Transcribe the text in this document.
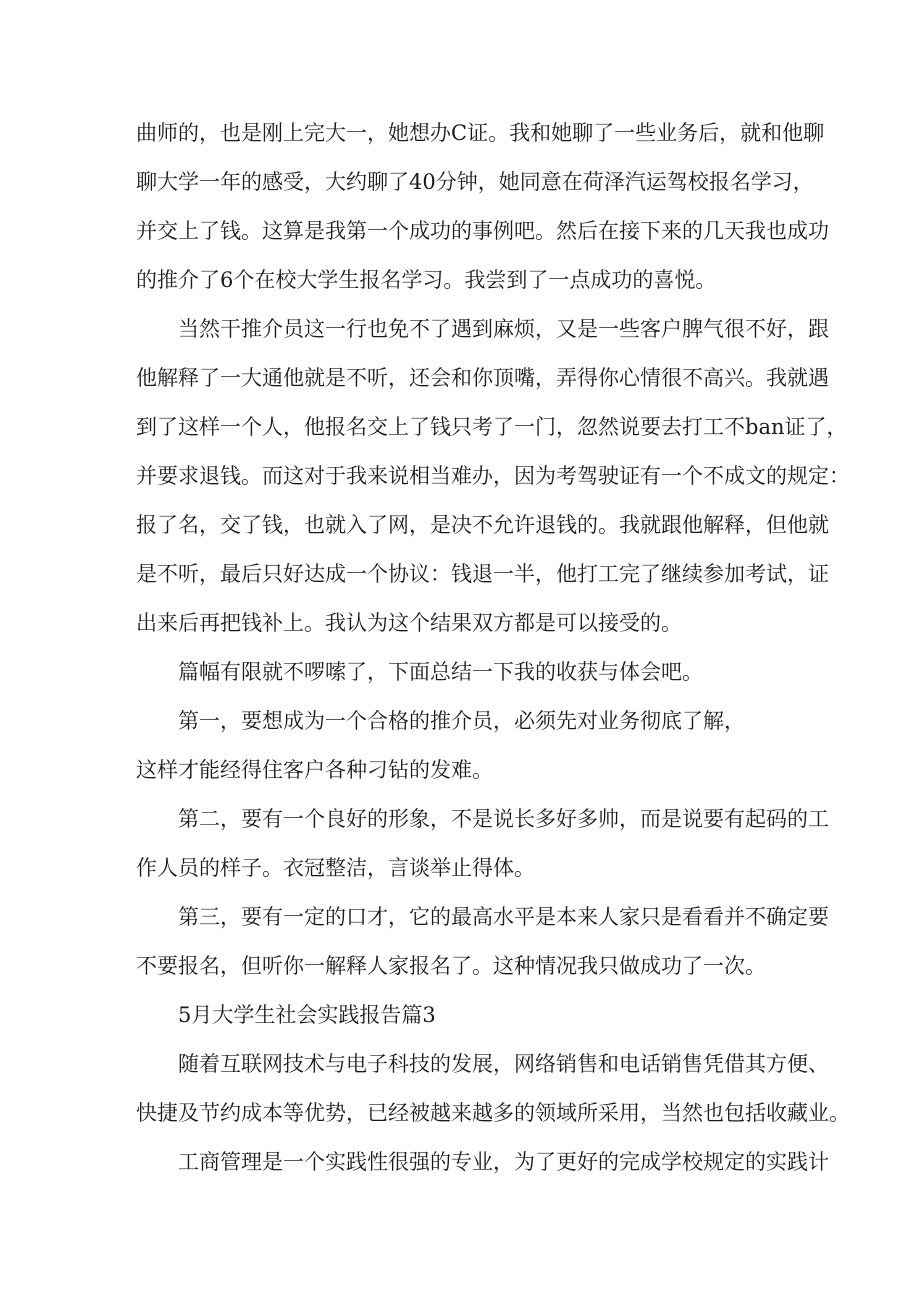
曲师的，也是刚上完大一，她想办C证。我和她聊了一些业务后，就和他聊
聊大学一年的感受，大约聊了40分钟，她同意在荷泽汽运驾校报名学习，
并交上了钱。这算是我第一个成功的事例吧。然后在接下来的几天我也成功
的推介了6个在校大学生报名学习。我尝到了一点成功的喜悦。
当然干推介员这一行也免不了遇到麻烦，又是一些客户脾气很不好，跟
他解释了一大通他就是不听，还会和你顶嘴，弄得你心情很不高兴。我就遇
到了这样一个人，他报名交上了钱只考了一门，忽然说要去打工不ban证了，
并要求退钱。而这对于我来说相当难办，因为考驾驶证有一个不成文的规定：
报了名，交了钱，也就入了网，是决不允许退钱的。我就跟他解释，但他就
是不听，最后只好达成一个协议：钱退一半，他打工完了继续参加考试，证
出来后再把钱补上。我认为这个结果双方都是可以接受的。
篇幅有限就不啰嗦了，下面总结一下我的收获与体会吧。
第一，要想成为一个合格的推介员，必须先对业务彻底了解，
这样才能经得住客户各种刁钻的发难。
第二，要有一个良好的形象，不是说长多好多帅，而是说要有起码的工
作人员的样子。衣冠整洁，言谈举止得体。
第三，要有一定的口才，它的最高水平是本来人家只是看看并不确定要
不要报名，但听你一解释人家报名了。这种情况我只做成功了一次。
5月大学生社会实践报告篇3
随着互联网技术与电子科技的发展，网络销售和电话销售凭借其方便、
快捷及节约成本等优势，已经被越来越多的领域所采用，当然也包括收藏业。
工商管理是一个实践性很强的专业，为了更好的完成学校规定的实践计
